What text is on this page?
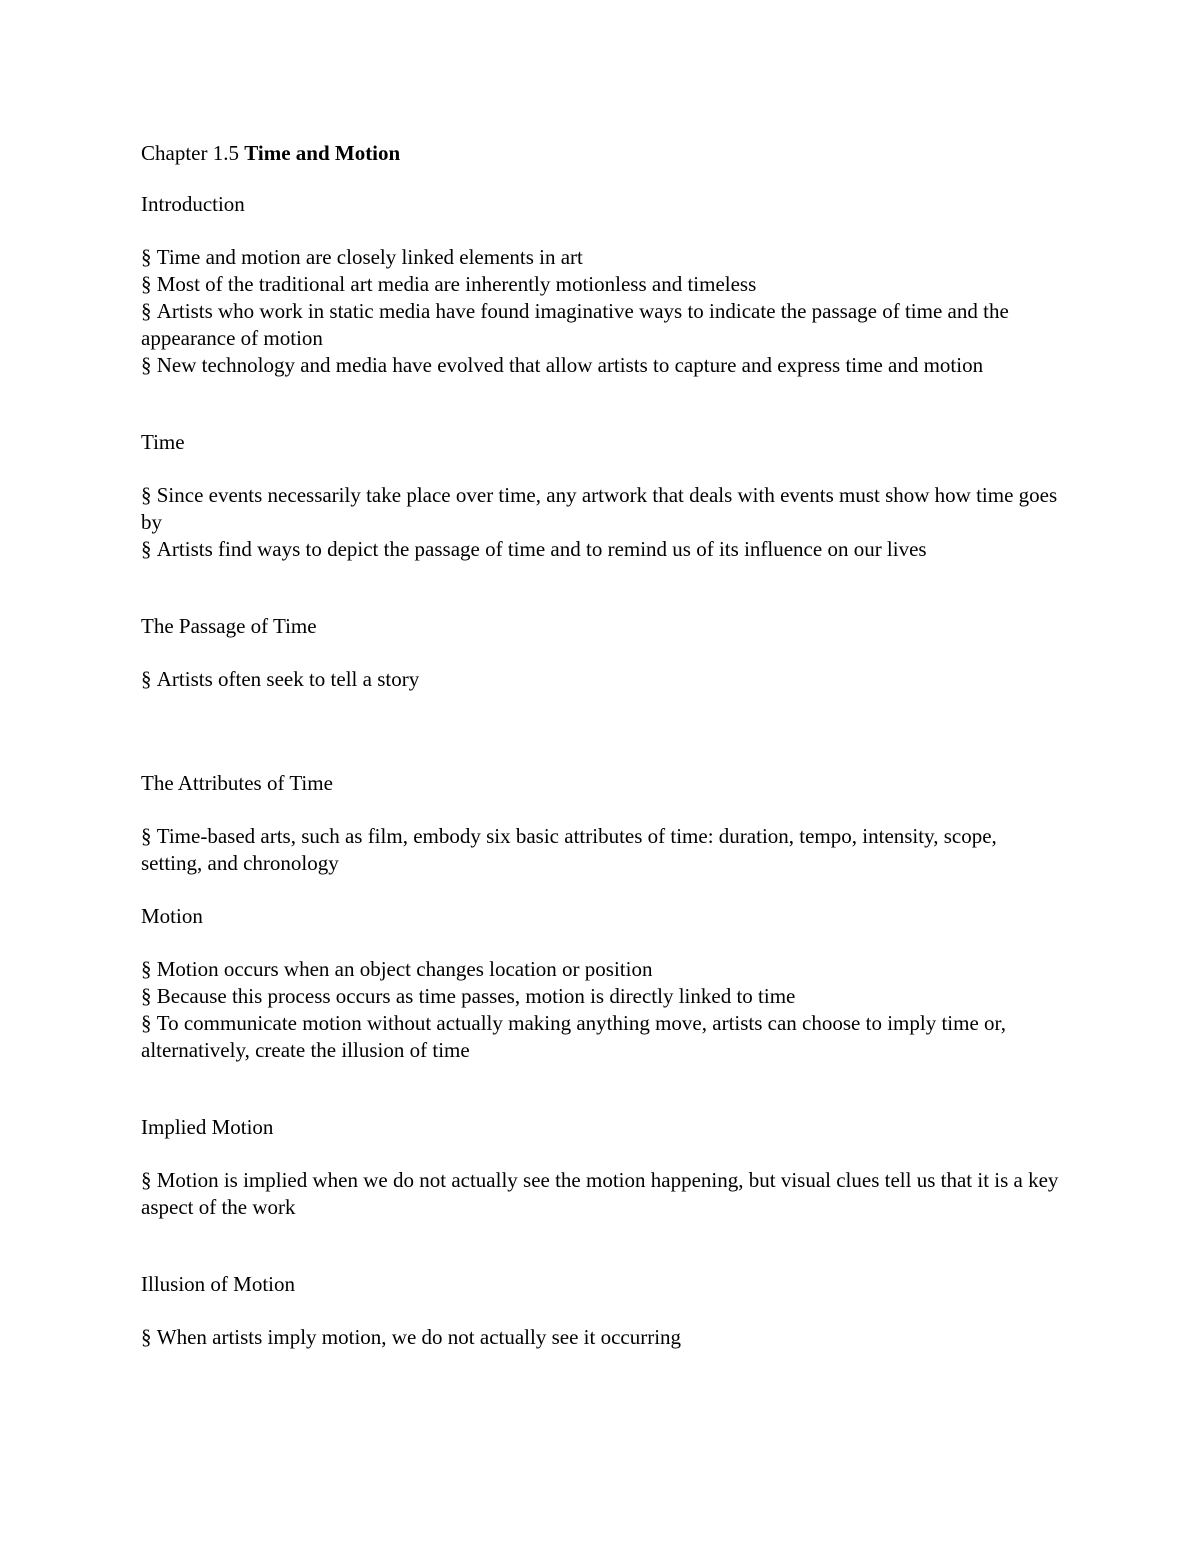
Chapter 1.5 Time and Motion
Introduction
§ Time and motion are closely linked elements in art
§ Most of the traditional art media are inherently motionless and timeless
§ Artists who work in static media have found imaginative ways to indicate the passage of time and the appearance of motion
§ New technology and media have evolved that allow artists to capture and express time and motion
Time
§ Since events necessarily take place over time, any artwork that deals with events must show how time goes by
§ Artists find ways to depict the passage of time and to remind us of its influence on our lives
The Passage of Time
§ Artists often seek to tell a story
The Attributes of Time
§ Time-based arts, such as film, embody six basic attributes of time: duration, tempo, intensity, scope, setting, and chronology
Motion
§ Motion occurs when an object changes location or position
§ Because this process occurs as time passes, motion is directly linked to time
§ To communicate motion without actually making anything move, artists can choose to imply time or, alternatively, create the illusion of time
Implied Motion
§ Motion is implied when we do not actually see the motion happening, but visual clues tell us that it is a key aspect of the work
Illusion of Motion
§ When artists imply motion, we do not actually see it occurring
